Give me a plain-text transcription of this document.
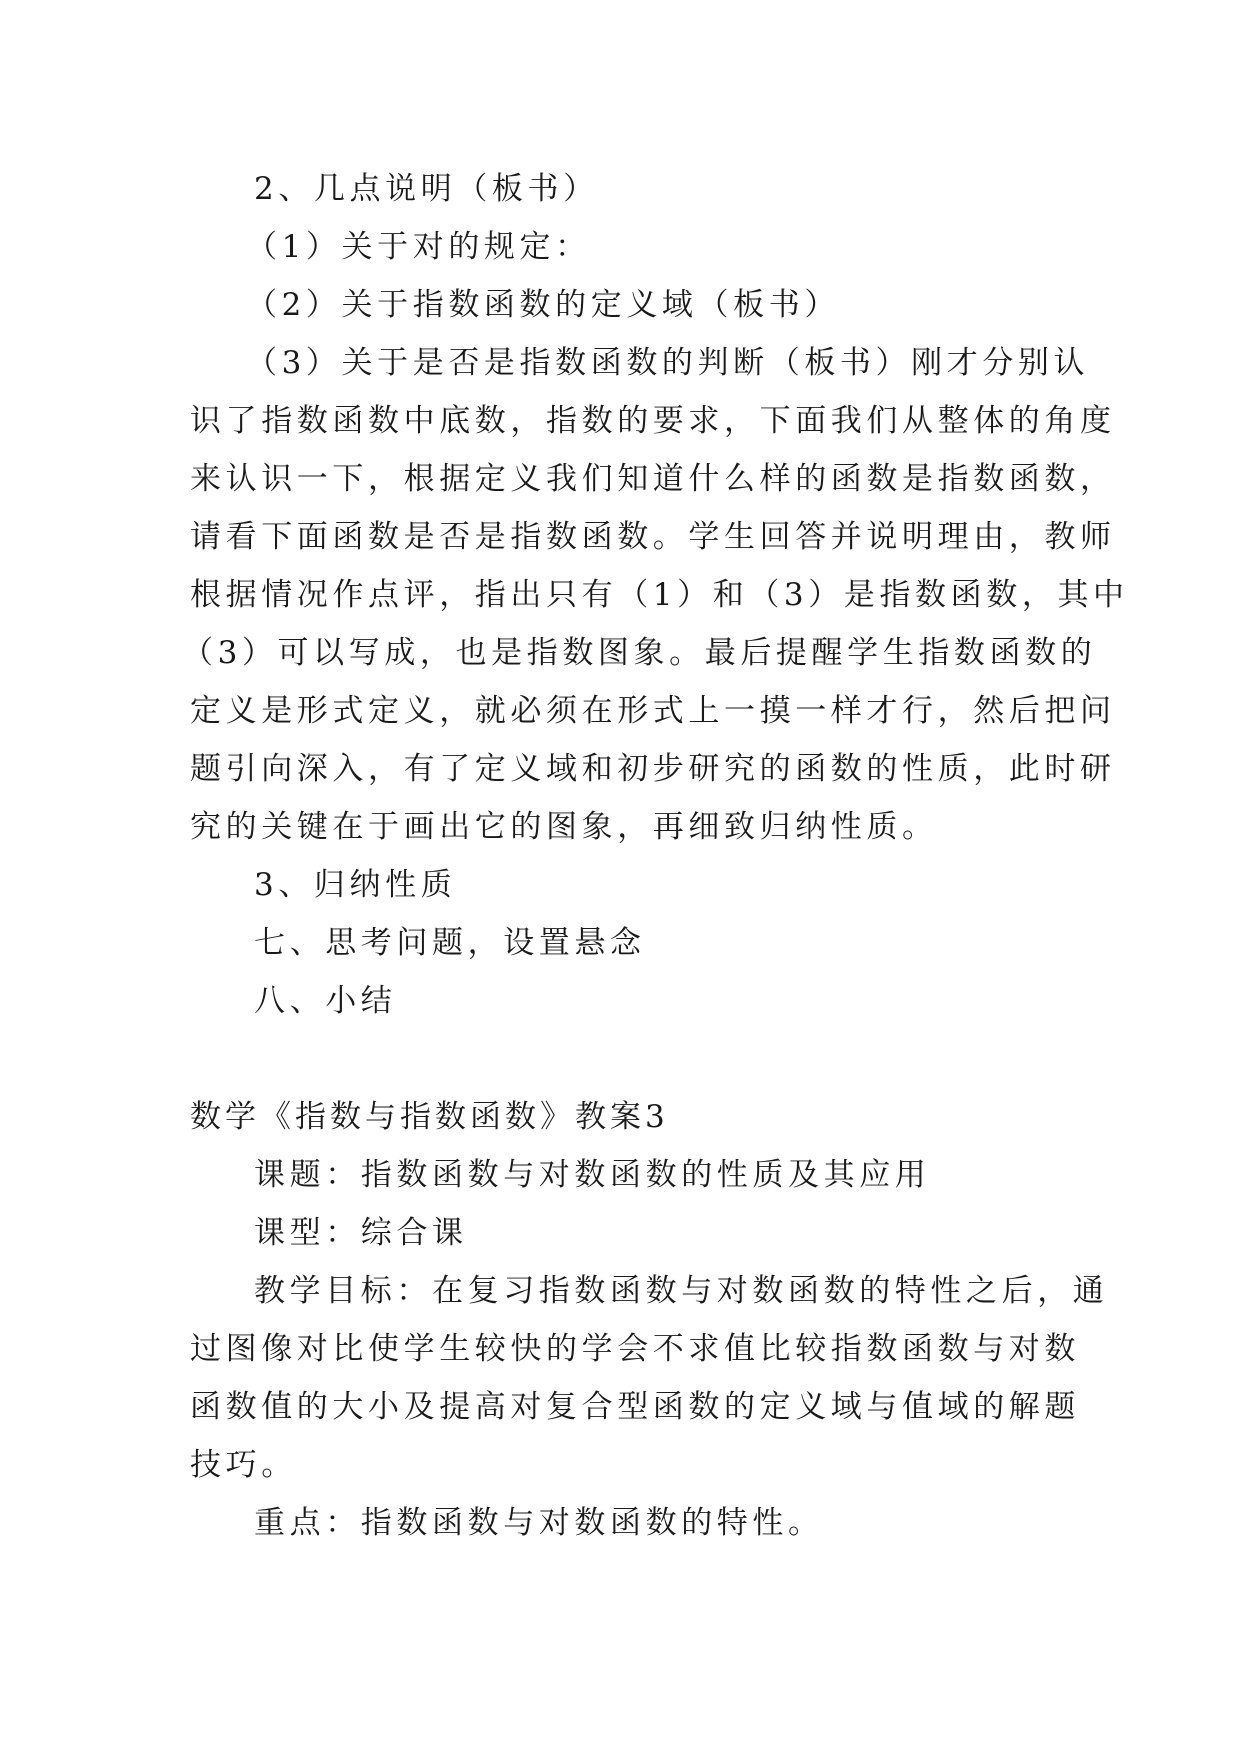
2、几点说明（板书）

（1）关于对的规定：

（2）关于指数函数的定义域（板书）

（3）关于是否是指数函数的判断（板书）刚才分别认

识了指数函数中底数，指数的要求，下面我们从整体的角度

来认识一下，根据定义我们知道什么样的函数是指数函数，

请看下面函数是否是指数函数。学生回答并说明理由，教师

根据情况作点评，指出只有（1）和（3）是指数函数，其中

（3）可以写成，也是指数图象。最后提醒学生指数函数的

定义是形式定义，就必须在形式上一摸一样才行，然后把问

题引向深入，有了定义域和初步研究的函数的性质，此时研

究的关键在于画出它的图象，再细致归纳性质。

3、归纳性质

七、思考问题，设置悬念

八、小结

数学《指数与指数函数》教案3

课题：指数函数与对数函数的性质及其应用

课型：综合课

教学目标：在复习指数函数与对数函数的特性之后，通

过图像对比使学生较快的学会不求值比较指数函数与对数

函数值的大小及提高对复合型函数的定义域与值域的解题

技巧。

重点：指数函数与对数函数的特性。
